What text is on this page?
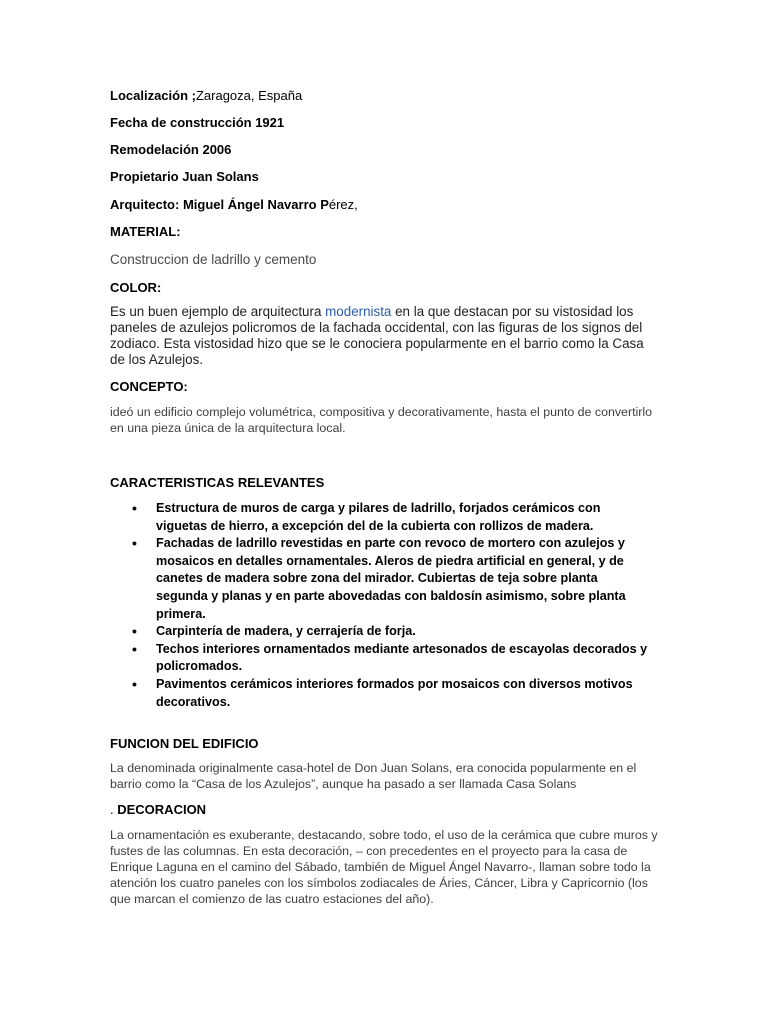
Localización ;Zaragoza, España
Fecha de construcción 1921
Remodelación 2006
Propietario Juan Solans
Arquitecto: Miguel Ángel Navarro Pérez,
MATERIAL:
Construccion de ladrillo y cemento
COLOR:
Es un buen ejemplo de arquitectura modernista en la que destacan por su vistosidad los paneles de azulejos policromos de la fachada occidental, con las figuras de los signos del zodiaco. Esta vistosidad hizo que se le conociera popularmente en el barrio como la Casa de los Azulejos.
CONCEPTO:
ideó un edificio complejo volumétrica, compositiva y decorativamente, hasta el punto de convertirlo en una pieza única de la arquitectura local.
CARACTERISTICAS RELEVANTES
• Estructura de muros de carga y pilares de ladrillo, forjados cerámicos con viguetas de hierro, a excepción del de la cubierta con rollizos de madera.
• Fachadas de ladrillo revestidas en parte con revoco de mortero con azulejos y mosaicos en detalles ornamentales. Aleros de piedra artificial en general, y de canetes de madera sobre zona del mirador. Cubiertas de teja sobre planta segunda y planas y en parte abovedadas con baldosín asimismo, sobre planta primera.
• Carpintería de madera, y cerrajería de forja.
• Techos interiores ornamentados mediante artesonados de escayolas decorados y policromados.
• Pavimentos cerámicos interiores formados por mosaicos con diversos motivos decorativos.
FUNCION DEL EDIFICIO
La denominada originalmente casa-hotel de Don Juan Solans, era conocida popularmente en el barrio como la “Casa de los Azulejos”, aunque ha pasado a ser llamada Casa Solans
. DECORACION
La ornamentación es exuberante, destacando, sobre todo, el uso de la cerámica que cubre muros y fustes de las columnas. En esta decoración, – con precedentes en el proyecto para la casa de Enrique Laguna en el camino del Sábado, también de Miguel Ángel Navarro-, llaman sobre todo la atención los cuatro paneles con los símbolos zodiacales de Áries, Cáncer, Libra y Capricornio (los que marcan el comienzo de las cuatro estaciones del año).
